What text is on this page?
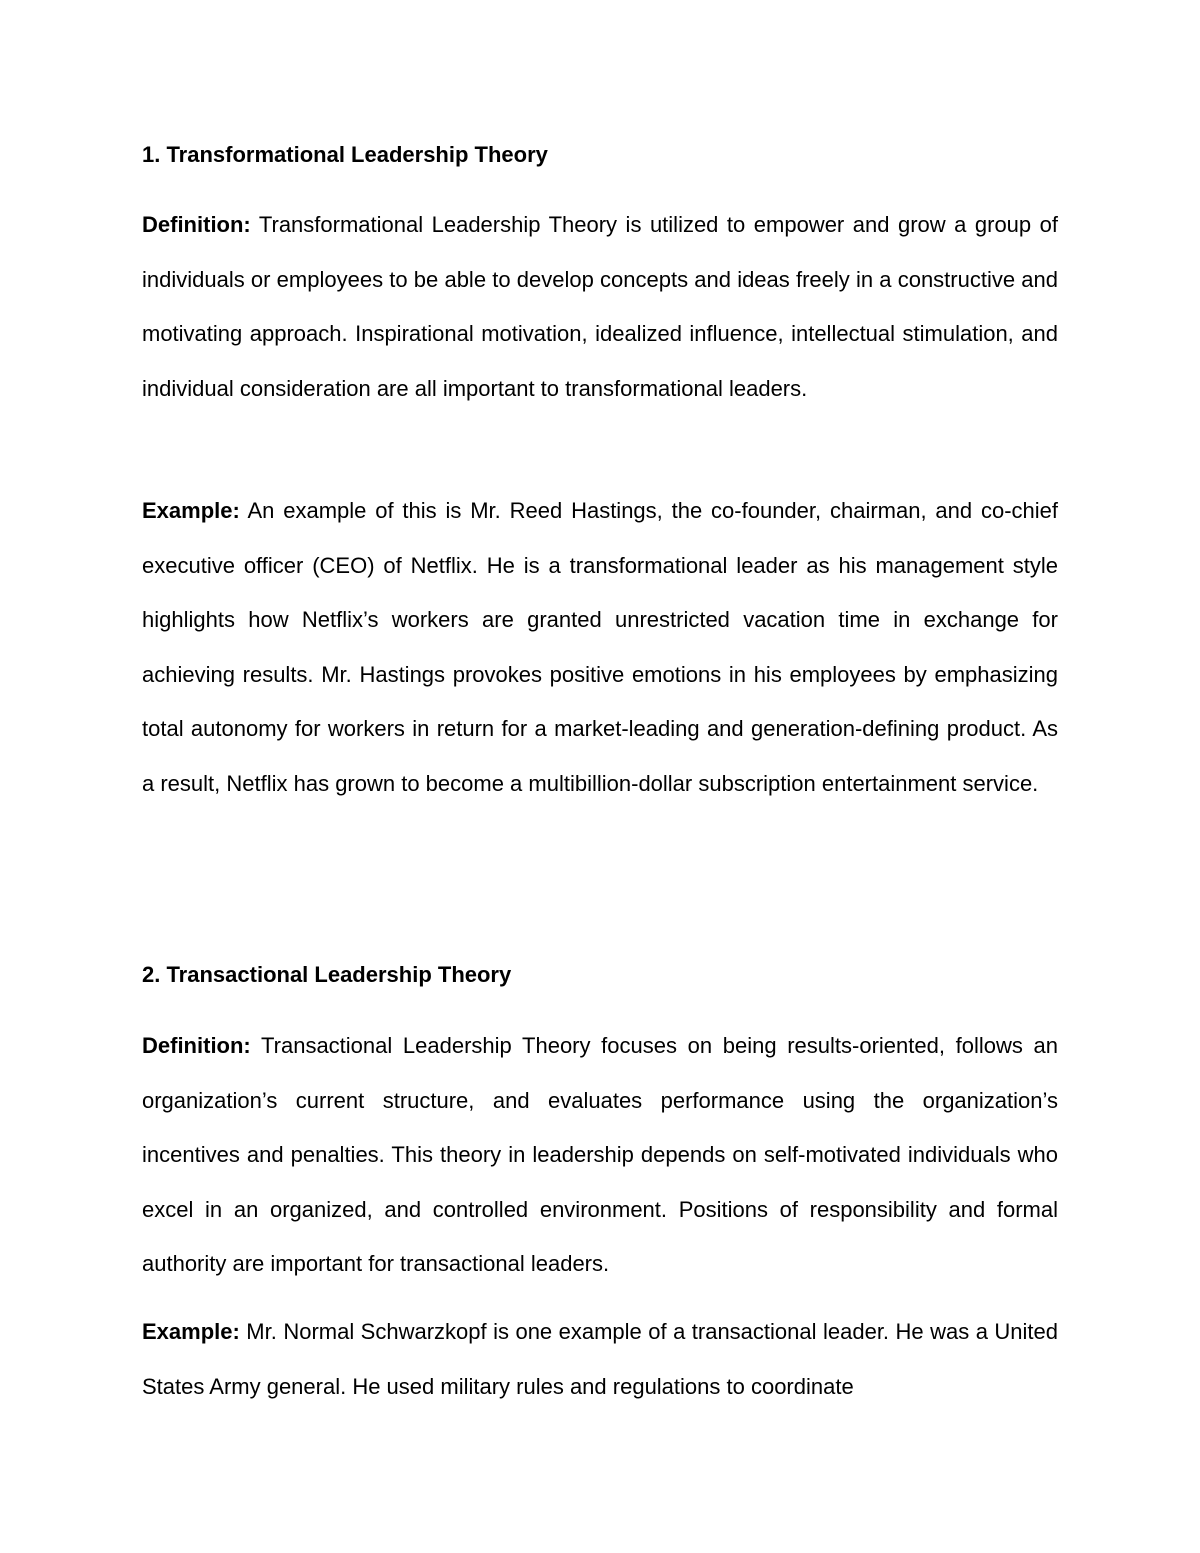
1. Transformational Leadership Theory

Definition: Transformational Leadership Theory is utilized to empower and grow a group of individuals or employees to be able to develop concepts and ideas freely in a constructive and motivating approach. Inspirational motivation, idealized influence, intellectual stimulation, and individual consideration are all important to transformational leaders.

Example: An example of this is Mr. Reed Hastings, the co-founder, chairman, and co-chief executive officer (CEO) of Netflix. He is a transformational leader as his management style highlights how Netflix’s workers are granted unrestricted vacation time in exchange for achieving results. Mr. Hastings provokes positive emotions in his employees by emphasizing total autonomy for workers in return for a market-leading and generation-defining product. As a result, Netflix has grown to become a multibillion-dollar subscription entertainment service.

2. Transactional Leadership Theory

Definition: Transactional Leadership Theory focuses on being results-oriented, follows an organization’s current structure, and evaluates performance using the organization’s incentives and penalties. This theory in leadership depends on self-motivated individuals who excel in an organized, and controlled environment. Positions of responsibility and formal authority are important for transactional leaders.

Example: Mr. Normal Schwarzkopf is one example of a transactional leader. He was a United States Army general. He used military rules and regulations to coordinate
